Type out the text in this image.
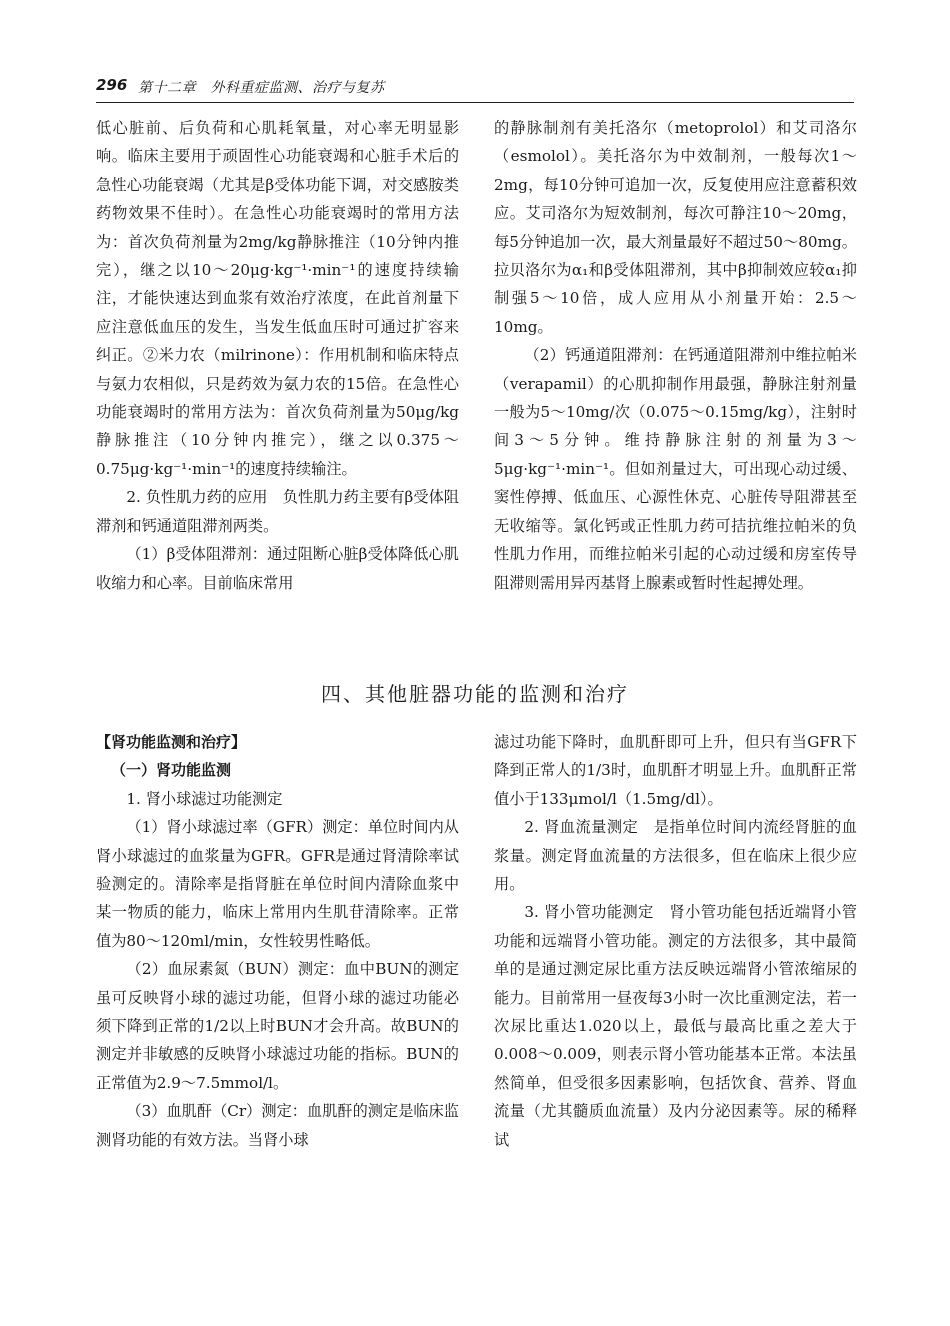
296 第十二章　外科重症监测、治疗与复苏

低心脏前、后负荷和心肌耗氧量，对心率无明显影响。临床主要用于顽固性心功能衰竭和心脏手术后的急性心功能衰竭（尤其是β受体功能下调，对交感胺类药物效果不佳时）。在急性心功能衰竭时的常用方法为：首次负荷剂量为2mg/kg静脉推注（10分钟内推完），继之以10～20μg·kg⁻¹·min⁻¹的速度持续输注，才能快速达到血浆有效治疗浓度，在此首剂量下应注意低血压的发生，当发生低血压时可通过扩容来纠正。②米力农（milrinone）：作用机制和临床特点与氨力农相似，只是药效为氨力农的15倍。在急性心功能衰竭时的常用方法为：首次负荷剂量为50μg/kg静脉推注（10分钟内推完），继之以0.375～0.75μg·kg⁻¹·min⁻¹的速度持续输注。

2. 负性肌力药的应用　负性肌力药主要有β受体阻滞剂和钙通道阻滞剂两类。

（1）β受体阻滞剂：通过阻断心脏β受体降低心肌收缩力和心率。目前临床常用

的静脉制剂有美托洛尔（metoprolol）和艾司洛尔（esmolol）。美托洛尔为中效制剂，一般每次1～2mg，每10分钟可追加一次，反复使用应注意蓄积效应。艾司洛尔为短效制剂，每次可静注10～20mg，每5分钟追加一次，最大剂量最好不超过50～80mg。拉贝洛尔为α₁和β受体阻滞剂，其中β抑制效应较α₁抑制强5～10倍，成人应用从小剂量开始：2.5～10mg。

（2）钙通道阻滞剂：在钙通道阻滞剂中维拉帕米（verapamil）的心肌抑制作用最强，静脉注射剂量一般为5～10mg/次（0.075～0.15mg/kg），注射时间3～5分钟。维持静脉注射的剂量为3～5μg·kg⁻¹·min⁻¹。但如剂量过大，可出现心动过缓、窦性停搏、低血压、心源性休克、心脏传导阻滞甚至无收缩等。氯化钙或正性肌力药可拮抗维拉帕米的负性肌力作用，而维拉帕米引起的心动过缓和房室传导阻滞则需用异丙基肾上腺素或暂时性起搏处理。

四、其他脏器功能的监测和治疗

【肾功能监测和治疗】

（一）肾功能监测

1. 肾小球滤过功能测定

（1）肾小球滤过率（GFR）测定：单位时间内从肾小球滤过的血浆量为GFR。GFR是通过肾清除率试验测定的。清除率是指肾脏在单位时间内清除血浆中某一物质的能力，临床上常用内生肌苷清除率。正常值为80～120ml/min，女性较男性略低。

（2）血尿素氮（BUN）测定：血中BUN的测定虽可反映肾小球的滤过功能，但肾小球的滤过功能必须下降到正常的1/2以上时BUN才会升高。故BUN的测定并非敏感的反映肾小球滤过功能的指标。BUN的正常值为2.9～7.5mmol/l。

（3）血肌酐（Cr）测定：血肌酐的测定是临床监测肾功能的有效方法。当肾小球

滤过功能下降时，血肌酐即可上升，但只有当GFR下降到正常人的1/3时，血肌酐才明显上升。血肌酐正常值小于133μmol/l（1.5mg/dl）。

2. 肾血流量测定　是指单位时间内流经肾脏的血浆量。测定肾血流量的方法很多，但在临床上很少应用。

3. 肾小管功能测定　肾小管功能包括近端肾小管功能和远端肾小管功能。测定的方法很多，其中最简单的是通过测定尿比重方法反映远端肾小管浓缩尿的能力。目前常用一昼夜每3小时一次比重测定法，若一次尿比重达1.020以上，最低与最高比重之差大于0.008～0.009，则表示肾小管功能基本正常。本法虽然简单，但受很多因素影响，包括饮食、营养、肾血流量（尤其髓质血流量）及内分泌因素等。尿的稀释试
